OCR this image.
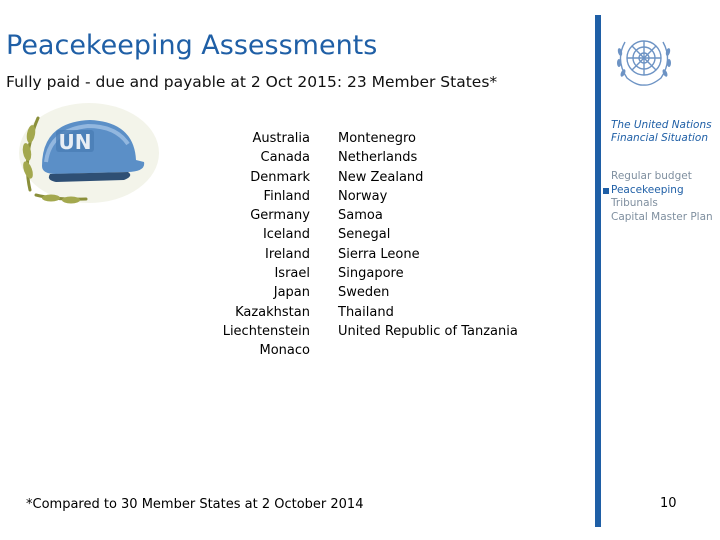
Peacekeeping Assessments
Fully paid - due and payable at 2 Oct 2015: 23 Member States*
UN	Australia
Canada
Denmark
Finland
Germany
Iceland
Ireland
Israel
Japan
Kazakhstan
Liechtenstein
Monaco
Montenegro
Netherlands
New Zealand
Norway
Samoa
Senegal
Sierra Leone
Singapore
Sweden
Thailand
United Republic of Tanzania
*Compared to 30 Member States at 2 October 2014
The United Nations
Financial Situation
Regular budget
Peacekeeping
Tribunals
Capital Master Plan
10
